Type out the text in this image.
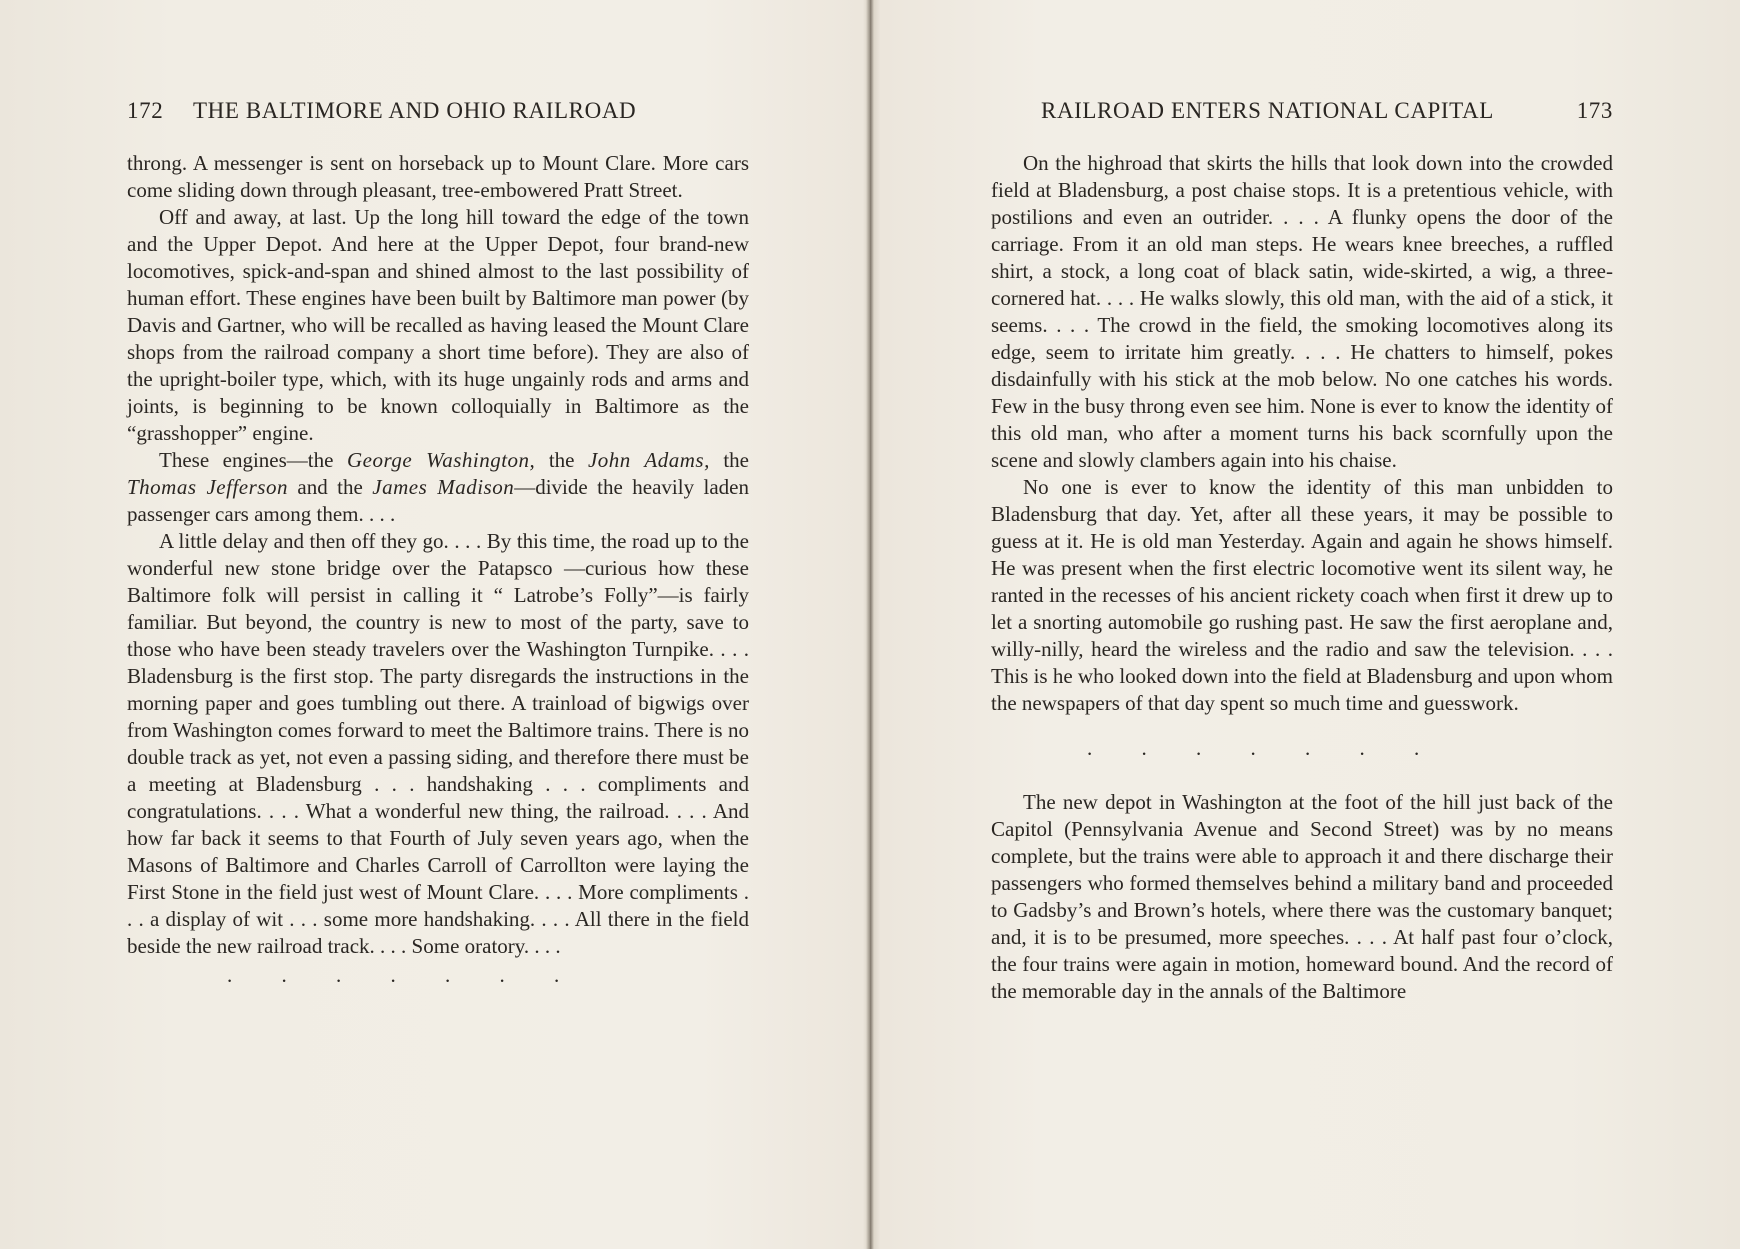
172 THE BALTIMORE AND OHIO RAILROAD

throng. A messenger is sent on horseback up to Mount Clare. More cars come sliding down through pleasant, tree-embowered Pratt Street.

Off and away, at last. Up the long hill toward the edge of the town and the Upper Depot. And here at the Upper Depot, four brand-new locomotives, spick-and-span and shined almost to the last possibility of human effort. These engines have been built by Baltimore man power (by Davis and Gartner, who will be recalled as having leased the Mount Clare shops from the railroad company a short time before). They are also of the upright-boiler type, which, with its huge ungainly rods and arms and joints, is beginning to be known colloquially in Baltimore as the “grasshopper” engine.

These engines—the George Washington, the John Adams, the Thomas Jefferson and the James Madison—divide the heavily laden passenger cars among them. . . .

A little delay and then off they go. . . . By this time, the road up to the wonderful new stone bridge over the Patapsco —curious how these Baltimore folk will persist in calling it “ Latrobe’s Folly”—is fairly familiar. But beyond, the country is new to most of the party, save to those who have been steady travelers over the Washington Turnpike. . . . Bladensburg is the first stop. The party disregards the instructions in the morning paper and goes tumbling out there. A trainload of bigwigs over from Washington comes forward to meet the Baltimore trains. There is no double track as yet, not even a passing siding, and therefore there must be a meeting at Bladensburg . . . handshaking . . . compliments and congratulations. . . . What a wonderful new thing, the railroad. . . . And how far back it seems to that Fourth of July seven years ago, when the Masons of Baltimore and Charles Carroll of Carrollton were laying the First Stone in the field just west of Mount Clare. . . . More compliments . . . a display of wit . . . some more handshaking. . . . All there in the field beside the new railroad track. . . . Some oratory. . . .

. . . . . . .
RAILROAD ENTERS NATIONAL CAPITAL	173

On the highroad that skirts the hills that look down into the crowded field at Bladensburg, a post chaise stops. It is a pretentious vehicle, with postilions and even an outrider. . . . A flunky opens the door of the carriage. From it an old man steps. He wears knee breeches, a ruffled shirt, a stock, a long coat of black satin, wide-skirted, a wig, a three-cornered hat. . . . He walks slowly, this old man, with the aid of a stick, it seems. . . . The crowd in the field, the smoking locomotives along its edge, seem to irritate him greatly. . . . He chatters to himself, pokes disdainfully with his stick at the mob below. No one catches his words. Few in the busy throng even see him. None is ever to know the identity of this old man, who after a moment turns his back scornfully upon the scene and slowly clambers again into his chaise.

No one is ever to know the identity of this man unbidden to Bladensburg that day. Yet, after all these years, it may be possible to guess at it. He is old man Yesterday. Again and again he shows himself. He was present when the first electric locomotive went its silent way, he ranted in the recesses of his ancient rickety coach when first it drew up to let a snorting automobile go rushing past. He saw the first aeroplane and, willy-nilly, heard the wireless and the radio and saw the television. . . . This is he who looked down into the field at Bladensburg and upon whom the newspapers of that day spent so much time and guesswork.

. . . . . . .

The new depot in Washington at the foot of the hill just back of the Capitol (Pennsylvania Avenue and Second Street) was by no means complete, but the trains were able to approach it and there discharge their passengers who formed themselves behind a military band and proceeded to Gadsby’s and Brown’s hotels, where there was the customary banquet; and, it is to be presumed, more speeches. . . . At half past four o’clock, the four trains were again in motion, homeward bound. And the record of the memorable day in the annals of the Baltimore
